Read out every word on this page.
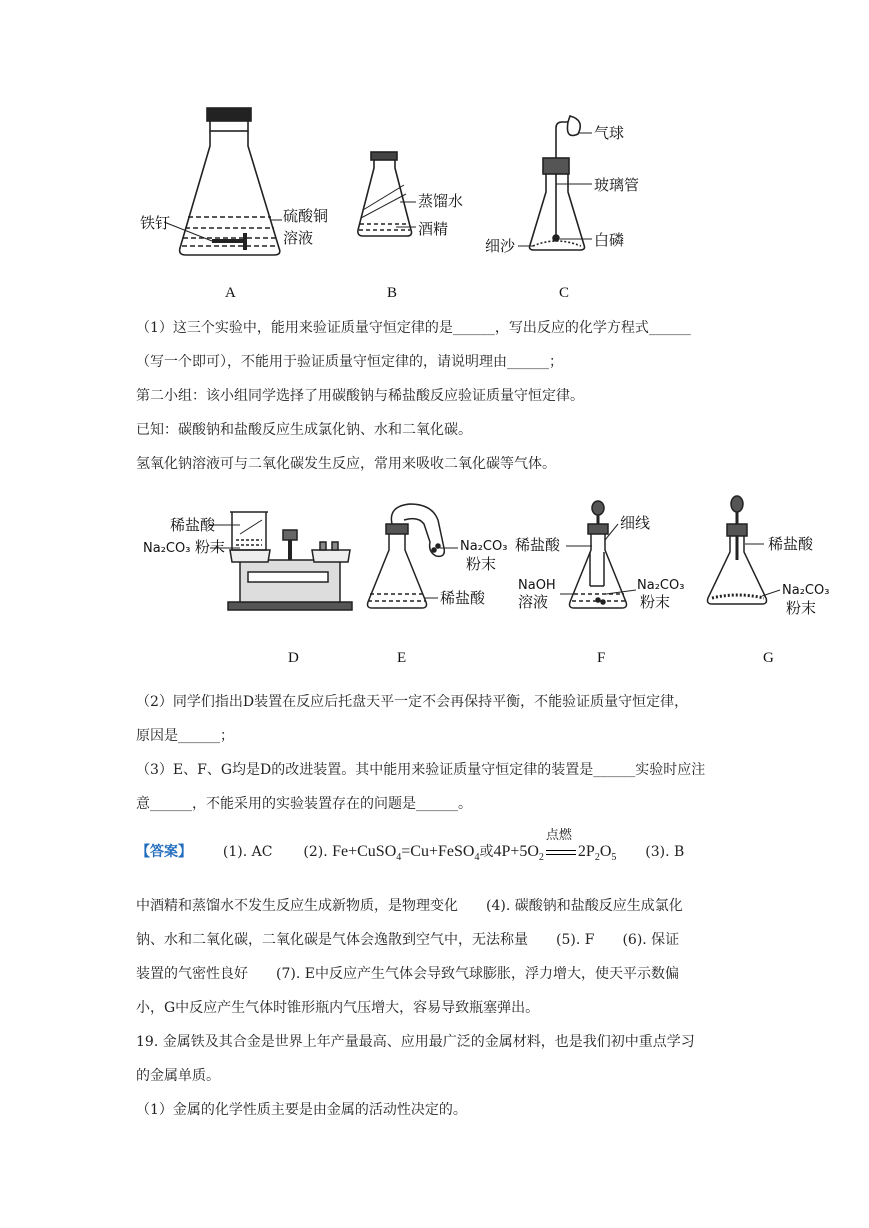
铁钉	硫酸铜
溶液
蒸馏水
酒精
气球
玻璃管
白磷
细沙
A	B	C
（1）这三个实验中，能用来验证质量守恒定律的是______，写出反应的化学方程式______
（写一个即可），不能用于验证质量守恒定律的，请说明理由______；
第二小组：该小组同学选择了用碳酸钠与稀盐酸反应验证质量守恒定律。
已知：碳酸钠和盐酸反应生成氯化钠、水和二氧化碳。
氢氧化钠溶液可与二氧化碳发生反应，常用来吸收二氧化碳等气体。
稀盐酸
Na₂CO₃ 粉末	Na₂CO₃
粉末
稀盐酸
细线
稀盐酸
NaOH
溶液
Na₂CO₃
粉末
稀盐酸
Na₂CO₃
粉末
D	E	F	G
（2）同学们指出D装置在反应后托盘天平一定不会再保持平衡，不能验证质量守恒定律，
原因是______；
（3）E、F、G均是D的改进装置。其中能用来验证质量守恒定律的装置是______实验时应注
意______，不能采用的实验装置存在的问题是______。
【答案】 (1). AC (2). Fe+CuSO$_4$=Cu+FeSO$_4$或$4P+5O_2$
点燃
$2P_2O_5$ (3). B
中酒精和蒸馏水不发生反应生成新物质，是物理变化　　(4). 碳酸钠和盐酸反应生成氯化
钠、水和二氧化碳，二氧化碳是气体会逸散到空气中，无法称量　　(5). F　　(6). 保证
装置的气密性良好　　(7). E中反应产生气体会导致气球膨胀，浮力增大，使天平示数偏
小，G中反应产生气体时锥形瓶内气压增大，容易导致瓶塞弹出。
19. 金属铁及其合金是世界上年产量最高、应用最广泛的金属材料，也是我们初中重点学习
的金属单质。
（1）金属的化学性质主要是由金属的活动性决定的。
